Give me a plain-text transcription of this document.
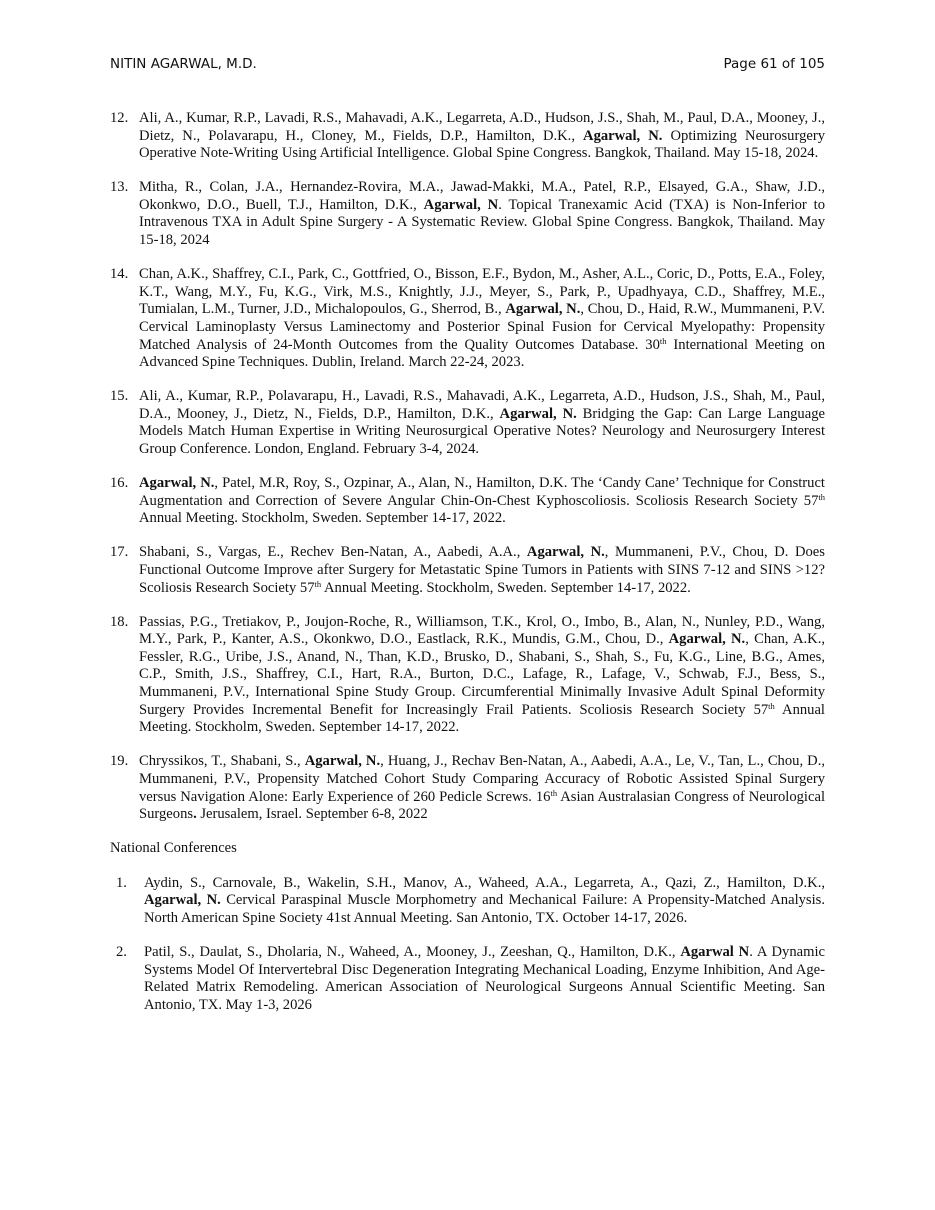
NITIN AGARWAL, M.D.	Page 61 of 105
12. Ali, A., Kumar, R.P., Lavadi, R.S., Mahavadi, A.K., Legarreta, A.D., Hudson, J.S., Shah, M., Paul, D.A., Mooney, J., Dietz, N., Polavarapu, H., Cloney, M., Fields, D.P., Hamilton, D.K., Agarwal, N. Optimizing Neurosurgery Operative Note-Writing Using Artificial Intelligence. Global Spine Congress. Bangkok, Thailand. May 15-18, 2024.
13. Mitha, R., Colan, J.A., Hernandez-Rovira, M.A., Jawad-Makki, M.A., Patel, R.P., Elsayed, G.A., Shaw, J.D., Okonkwo, D.O., Buell, T.J., Hamilton, D.K., Agarwal, N. Topical Tranexamic Acid (TXA) is Non-Inferior to Intravenous TXA in Adult Spine Surgery - A Systematic Review. Global Spine Congress. Bangkok, Thailand. May 15-18, 2024
14. Chan, A.K., Shaffrey, C.I., Park, C., Gottfried, O., Bisson, E.F., Bydon, M., Asher, A.L., Coric, D., Potts, E.A., Foley, K.T., Wang, M.Y., Fu, K.G., Virk, M.S., Knightly, J.J., Meyer, S., Park, P., Upadhyaya, C.D., Shaffrey, M.E., Tumialan, L.M., Turner, J.D., Michalopoulos, G., Sherrod, B., Agarwal, N., Chou, D., Haid, R.W., Mummaneni, P.V. Cervical Laminoplasty Versus Laminectomy and Posterior Spinal Fusion for Cervical Myelopathy: Propensity Matched Analysis of 24-Month Outcomes from the Quality Outcomes Database. 30th International Meeting on Advanced Spine Techniques. Dublin, Ireland. March 22-24, 2023.
15. Ali, A., Kumar, R.P., Polavarapu, H., Lavadi, R.S., Mahavadi, A.K., Legarreta, A.D., Hudson, J.S., Shah, M., Paul, D.A., Mooney, J., Dietz, N., Fields, D.P., Hamilton, D.K., Agarwal, N. Bridging the Gap: Can Large Language Models Match Human Expertise in Writing Neurosurgical Operative Notes? Neurology and Neurosurgery Interest Group Conference. London, England. February 3-4, 2024.
16. Agarwal, N., Patel, M.R, Roy, S., Ozpinar, A., Alan, N., Hamilton, D.K. The ‘Candy Cane’ Technique for Construct Augmentation and Correction of Severe Angular Chin-On-Chest Kyphoscoliosis. Scoliosis Research Society 57th Annual Meeting. Stockholm, Sweden. September 14-17, 2022.
17. Shabani, S., Vargas, E., Rechev Ben-Natan, A., Aabedi, A.A., Agarwal, N., Mummaneni, P.V., Chou, D. Does Functional Outcome Improve after Surgery for Metastatic Spine Tumors in Patients with SINS 7-12 and SINS >12? Scoliosis Research Society 57th Annual Meeting. Stockholm, Sweden. September 14-17, 2022.
18. Passias, P.G., Tretiakov, P., Joujon-Roche, R., Williamson, T.K., Krol, O., Imbo, B., Alan, N., Nunley, P.D., Wang, M.Y., Park, P., Kanter, A.S., Okonkwo, D.O., Eastlack, R.K., Mundis, G.M., Chou, D., Agarwal, N., Chan, A.K., Fessler, R.G., Uribe, J.S., Anand, N., Than, K.D., Brusko, D., Shabani, S., Shah, S., Fu, K.G., Line, B.G., Ames, C.P., Smith, J.S., Shaffrey, C.I., Hart, R.A., Burton, D.C., Lafage, R., Lafage, V., Schwab, F.J., Bess, S., Mummaneni, P.V., International Spine Study Group. Circumferential Minimally Invasive Adult Spinal Deformity Surgery Provides Incremental Benefit for Increasingly Frail Patients. Scoliosis Research Society 57th Annual Meeting. Stockholm, Sweden. September 14-17, 2022.
19. Chryssikos, T., Shabani, S., Agarwal, N., Huang, J., Rechav Ben-Natan, A., Aabedi, A.A., Le, V., Tan, L., Chou, D., Mummaneni, P.V., Propensity Matched Cohort Study Comparing Accuracy of Robotic Assisted Spinal Surgery versus Navigation Alone: Early Experience of 260 Pedicle Screws. 16th Asian Australasian Congress of Neurological Surgeons. Jerusalem, Israel. September 6-8, 2022
National Conferences
1. Aydin, S., Carnovale, B., Wakelin, S.H., Manov, A., Waheed, A.A., Legarreta, A., Qazi, Z., Hamilton, D.K., Agarwal, N. Cervical Paraspinal Muscle Morphometry and Mechanical Failure: A Propensity-Matched Analysis. North American Spine Society 41st Annual Meeting. San Antonio, TX. October 14-17, 2026.
2. Patil, S., Daulat, S., Dholaria, N., Waheed, A., Mooney, J., Zeeshan, Q., Hamilton, D.K., Agarwal N. A Dynamic Systems Model Of Intervertebral Disc Degeneration Integrating Mechanical Loading, Enzyme Inhibition, And Age-Related Matrix Remodeling. American Association of Neurological Surgeons Annual Scientific Meeting. San Antonio, TX. May 1-3, 2026
